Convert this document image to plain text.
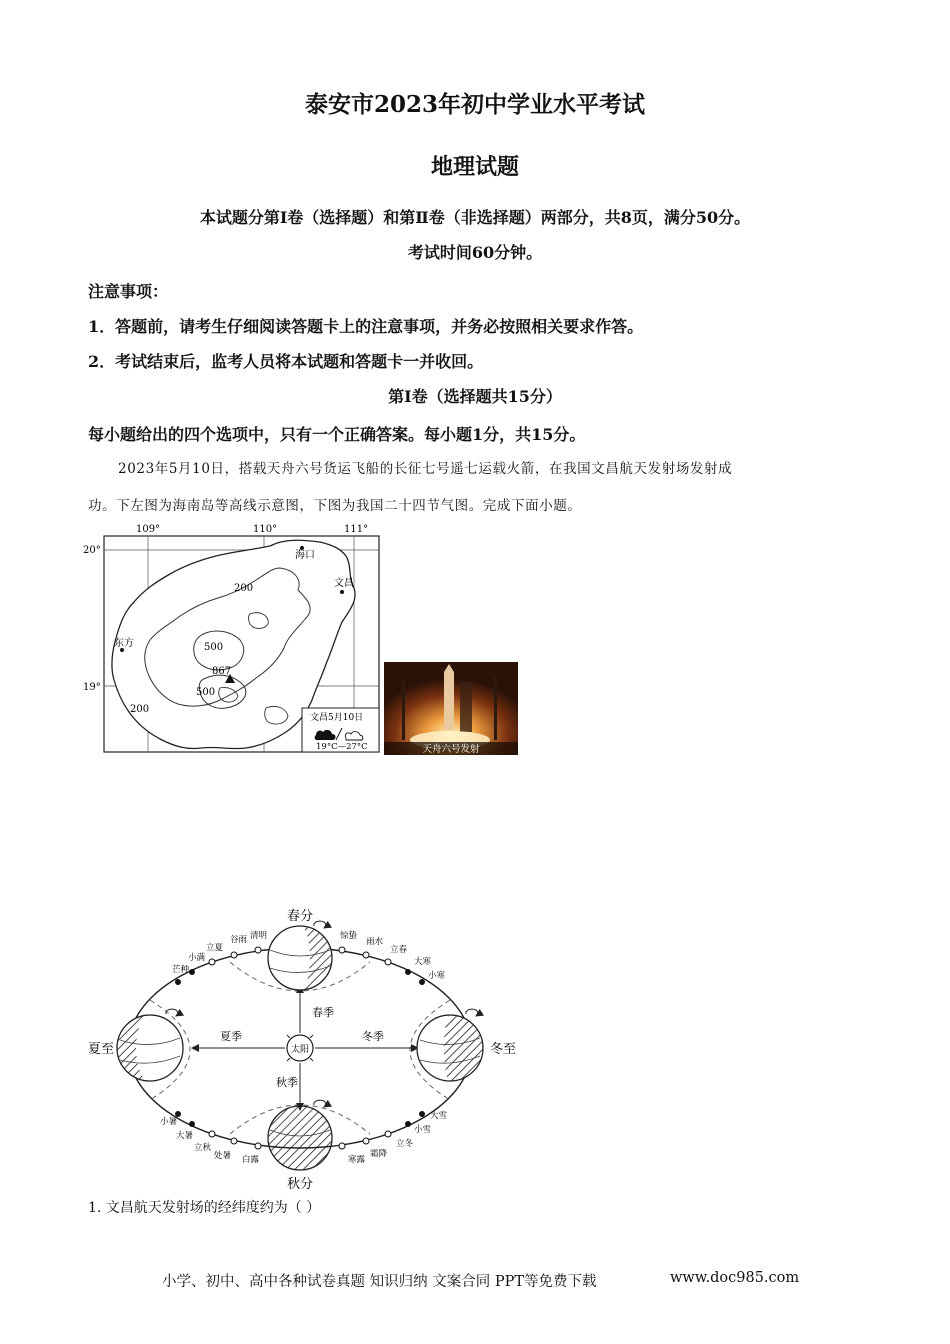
泰安市2023年初中学业水平考试
地理试题
本试题分第Ⅰ卷（选择题）和第Ⅱ卷（非选择题）两部分，共8页，满分50分。
考试时间60分钟。
注意事项：
1．答题前，请考生仔细阅读答题卡上的注意事项，并务必按照相关要求作答。
2．考试结束后，监考人员将本试题和答题卡一并收回。
第Ⅰ卷（选择题共15分）
每小题给出的四个选项中，只有一个正确答案。每小题1分，共15分。
2023年5月10日，搭载天舟六号货运飞船的长征七号遥七运载火箭，在我国文昌航天发射场发射成
功。下左图为海南岛等高线示意图，下图为我国二十四节气图。完成下面小题。
109°	110°	111°
20°
19°
海口
文昌
东方
200
500
500
200
867
文昌5月10日
19°C—27°C	天舟六号发射
太阳
春分
夏至	冬至
秋分
春季
夏季
秋季
冬季
芒种
小满
立夏
谷雨 清明	惊蛰
雨水
立春
大寒
小寒
小暑
大暑
立秋
处暑 白露	寒露
霜降
立冬
小雪
大雪
1. 文昌航天发射场的经纬度约为（ ）
小学、初中、高中各种试卷真题 知识归纳 文案合同 PPT等免费下载	www.doc985.com
